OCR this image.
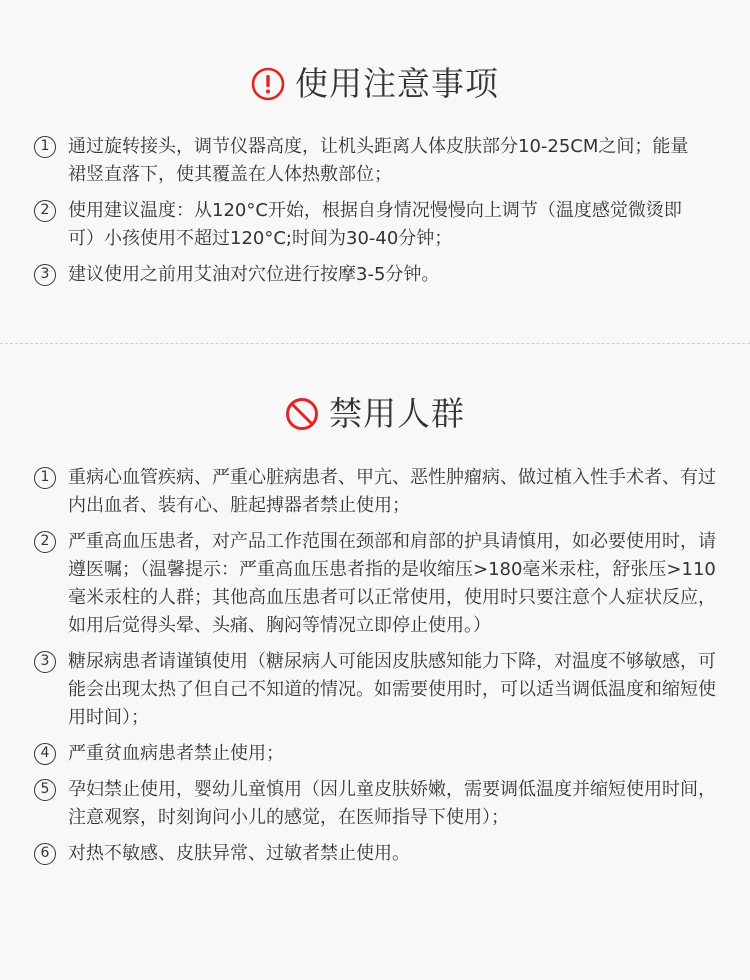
使用注意事项
1	通过旋转接头，调节仪器高度，让机头距离人体皮肤部分10-25CM之间；能量裙竖直落下，使其覆盖在人体热敷部位；
2	使用建议温度：从120°C开始，根据自身情况慢慢向上调节（温度感觉微烫即可）小孩使用不超过120°C;时间为30-40分钟；
3	建议使用之前用艾油对穴位进行按摩3-5分钟。
禁用人群
1	重病心血管疾病、严重心脏病患者、甲亢、恶性肿瘤病、做过植入性手术者、有过内出血者、装有心、脏起搏器者禁止使用；
2	严重高血压患者，对产品工作范围在颈部和肩部的护具请慎用，如必要使用时，请遵医嘱；（温馨提示：严重高血压患者指的是收缩压>180毫米汞柱，舒张压>110毫米汞柱的人群；其他高血压患者可以正常使用，使用时只要注意个人症状反应，如用后觉得头晕、头痛、胸闷等情况立即停止使用。）
3	糖尿病患者请谨镇使用（糖尿病人可能因皮肤感知能力下降，对温度不够敏感，可能会出现太热了但自己不知道的情况。如需要使用时，可以适当调低温度和缩短使用时间）；
4	严重贫血病患者禁止使用；
5	孕妇禁止使用，婴幼儿童慎用（因儿童皮肤娇嫩，需要调低温度并缩短使用时间，注意观察，时刻询问小儿的感觉，在医师指导下使用）；
6	对热不敏感、皮肤异常、过敏者禁止使用。
